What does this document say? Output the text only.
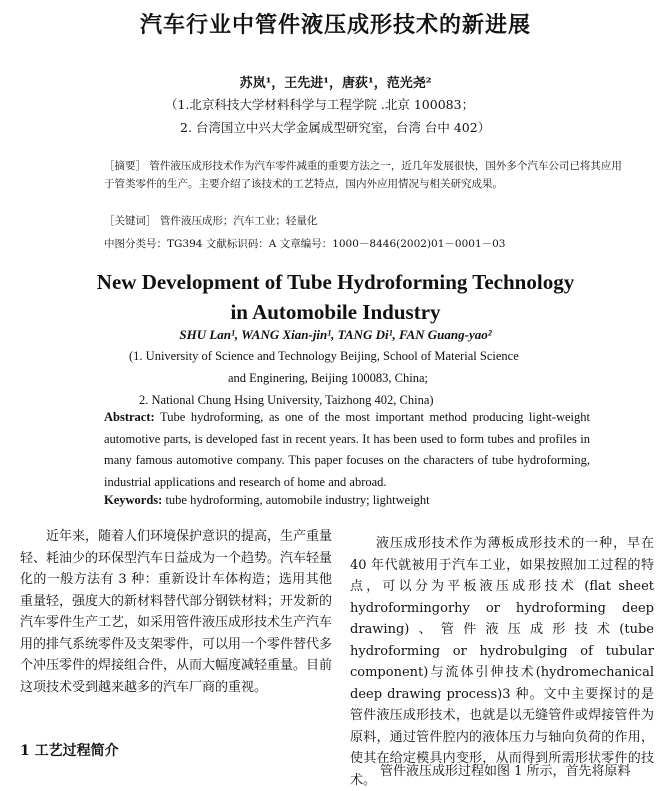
汽车行业中管件液压成形技术的新进展
苏岚¹，王先进¹，唐荻¹，范光尧²
（1.北京科技大学材料科学与工程学院 .北京 100083；
2. 台湾国立中兴大学金属成型研究室，台湾 台中 402）
［摘要］ 管件液压成形技术作为汽车零件减重的重要方法之一，近几年发展很快，国外多个汽车公司已将其应用于管类零件的生产。主要介绍了该技术的工艺特点，国内外应用情况与相关研究成果。
［关键词］ 管件液压成形；汽车工业；轻量化
中图分类号：TG394 文献标识码：A 文章编号：1000－8446(2002)01－0001－03
New Development of Tube Hydroforming Technology
in Automobile Industry
SHU Lan¹, WANG Xian-jin¹, TANG Di¹, FAN Guang-yao²
(1. University of Science and Technology Beijing, School of Material Science
and Enginering, Beijing 100083, China;
2. National Chung Hsing University, Taizhong 402, China)
Abstract: Tube hydroforming, as one of the most important method producing light-weight automotive parts, is developed fast in recent years. It has been used to form tubes and profiles in many famous automotive company. This paper focuses on the characters of tube hydroforming, industrial applications and research of home and abroad.
Keywords: tube hydroforming, automobile industry; lightweight
近年来，随着人们环境保护意识的提高，生产重量轻、耗油少的环保型汽车日益成为一个趋势。汽车轻量化的一般方法有 3 种：重新设计车体构造；选用其他重量轻，强度大的新材料替代部分钢铁材料；开发新的汽车零件生产工艺，如采用管件液压成形技术生产汽车用的排气系统零件及支架零件，可以用一个零件替代多个冲压零件的焊接组合件，从而大幅度减轻重量。目前这项技术受到越来越多的汽车厂商的重视。
1 工艺过程简介
液压成形技术作为薄板成形技术的一种，早在 40 年代就被用于汽车工业，如果按照加工过程的特点，可以分为平板液压成形技术 (flat sheet hydroformingorhy or hydroforming deep drawing)、管件液压成形技术(tube hydroforming or hydrobulging of tubular component)与流体引伸技术(hydromechanical deep drawing process)3 种。文中主要探讨的是管件液压成形技术，也就是以无缝管件或焊接管件为原料，通过管件腔内的液体压力与轴向负荷的作用，使其在给定模具内变形，从而得到所需形状零件的技术。
管件液压成形过程如图 1 所示，首先将原料
